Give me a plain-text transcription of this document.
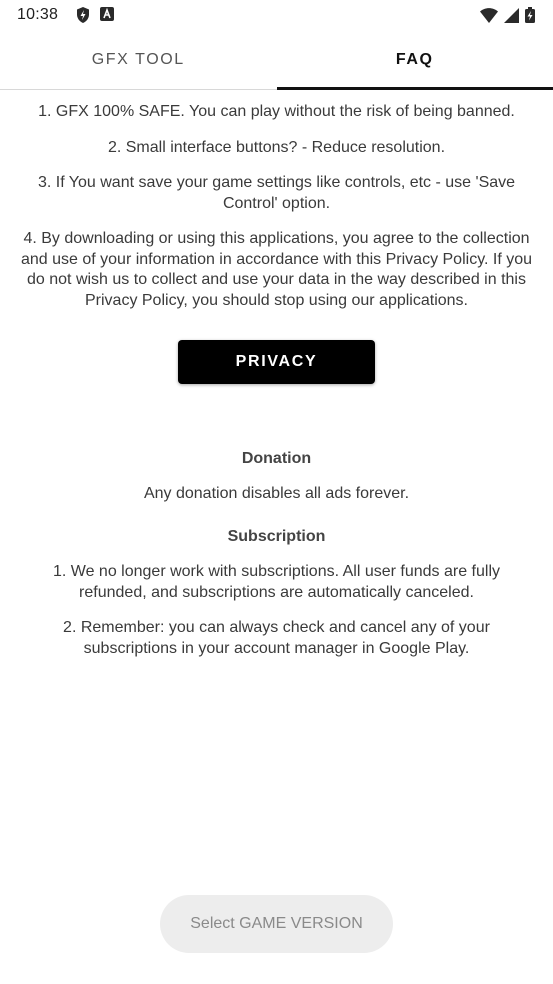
10:38
GFX TOOL	FAQ

1. GFX 100% SAFE. You can play without the risk of being banned.

2. Small interface buttons? - Reduce resolution.

3. If You want save your game settings like controls, etc - use 'Save Control' option.

4. By downloading or using this applications, you agree to the collection and use of your information in accordance with this Privacy Policy. If you do not wish us to collect and use your data in the way described in this Privacy Policy, you should stop using our applications.

PRIVACY POLICY
Donation

Any donation disables all ads forever.

Subscription

1. We no longer work with subscriptions. All user funds are fully refunded, and subscriptions are automatically canceled.

2. Remember: you can always check and cancel any of your subscriptions in your account manager in Google Play.

Select GAME VERSION
